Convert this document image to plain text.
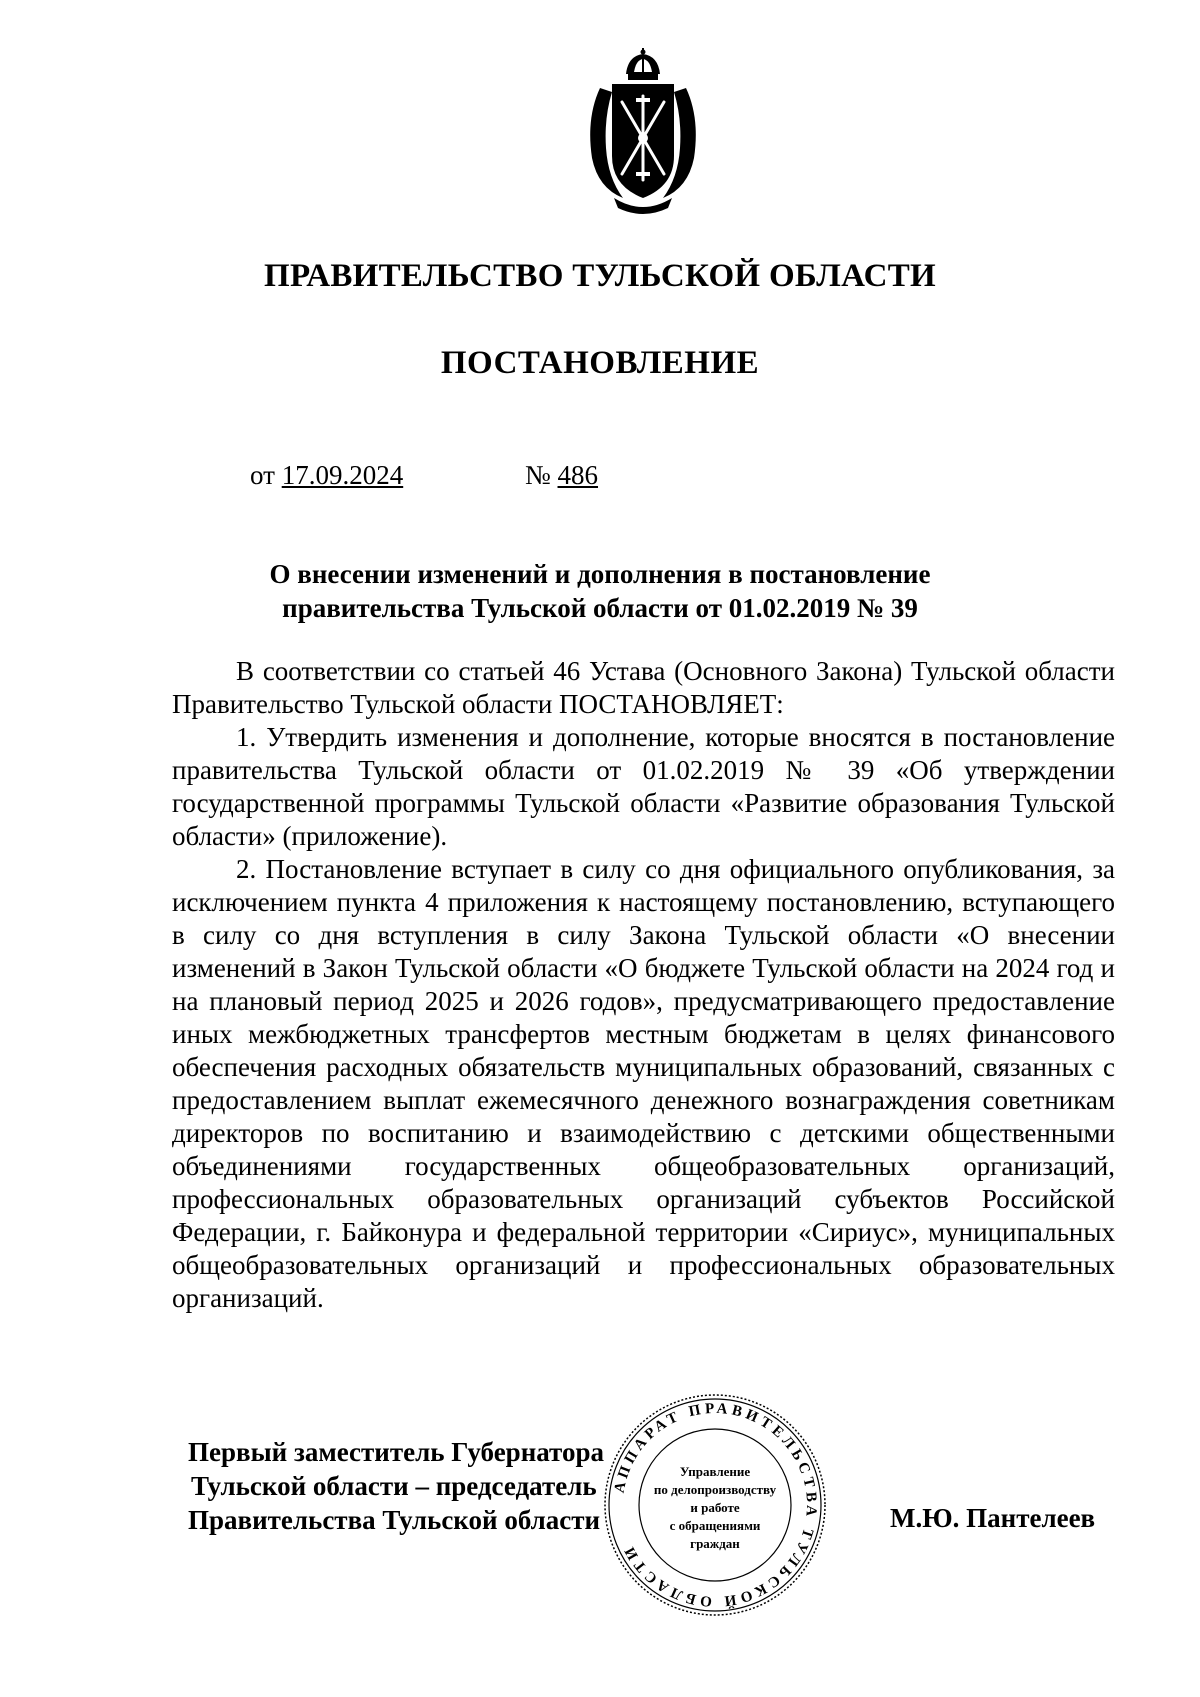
ПРАВИТЕЛЬСТВО ТУЛЬСКОЙ ОБЛАСТИ
ПОСТАНОВЛЕНИЕ
от 17.09.2024	№ 486
О внесении изменений и дополнения в постановление
правительства Тульской области от 01.02.2019 № 39

В соответствии со статьей 46 Устава (Основного Закона) Тульской области Правительство Тульской области ПОСТАНОВЛЯЕТ:

1. Утвердить изменения и дополнение, которые вносятся в постановление правительства Тульской области от 01.02.2019 № 39 «Об утверждении государственной программы Тульской области «Развитие образования Тульской области» (приложение).

2. Постановление вступает в силу со дня официального опубликования, за исключением пункта 4 приложения к настоящему постановлению, вступающего в силу со дня вступления в силу Закона Тульской области «О внесении изменений в Закон Тульской области «О бюджете Тульской области на 2024 год и на плановый период 2025 и 2026 годов», предусматривающего предоставление иных межбюджетных трансфертов местным бюджетам в целях финансового обеспечения расходных обязательств муниципальных образований, связанных с предоставлением выплат ежемесячного денежного вознаграждения советникам директоров по воспитанию и взаимодействию с детскими общественными объединениями государственных общеобразовательных организаций, профессиональных образовательных организаций субъектов Российской Федерации, г. Байконура и федеральной территории «Сириус», муниципальных общеобразовательных организаций и профессиональных образовательных организаций.

Первый заместитель Губернатора
Тульской области – председатель
Правительства Тульской области
АППАРАТ ПРАВИТЕЛЬСТВА ТУЛЬСКОЙ ОБЛАСТИ
Управление
по делопроизводству
и работе
с обращениями
граждан
М.Ю. Пантелеев
